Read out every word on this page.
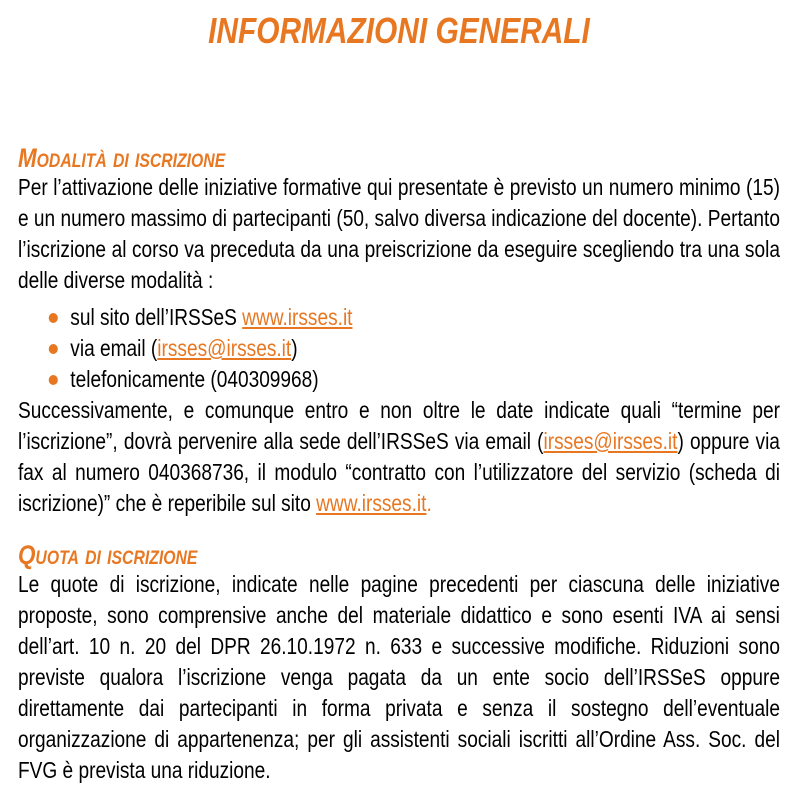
INFORMAZIONI GENERALI
Modalità di iscrizione

Per l’attivazione delle iniziative formative qui presentate è previsto un numero minimo (15) e un numero massimo di partecipanti (50, salvo diversa indicazione del docente). Pertanto l’iscrizione al corso va preceduta da una preiscrizione da eseguire scegliendo tra una sola delle diverse modalità :

sul sito dell’IRSSeS www.irsses.it
via email (irsses@irsses.it)
telefonicamente (040309968)

Successivamente, e comunque entro e non oltre le date indicate quali “termine per l’iscrizione”, dovrà pervenire alla sede dell’IRSSeS via email (irsses@irsses.it) oppure via fax al numero 040368736, il modulo “contratto con l’utilizzatore del servizio (scheda di iscrizione)” che è reperibile sul sito www.irsses.it.

Quota di iscrizione

Le quote di iscrizione, indicate nelle pagine precedenti per ciascuna delle iniziative proposte, sono comprensive anche del materiale didattico e sono esenti IVA ai sensi dell’art. 10 n. 20 del DPR 26.10.1972 n. 633 e successive modifiche. Riduzioni sono previste qualora l’iscrizione venga pagata da un ente socio dell’IRSSeS oppure direttamente dai partecipanti in forma privata e senza il sostegno dell’eventuale organizzazione di appartenenza; per gli assistenti sociali iscritti all’Ordine Ass. Soc. del FVG è prevista una riduzione.
